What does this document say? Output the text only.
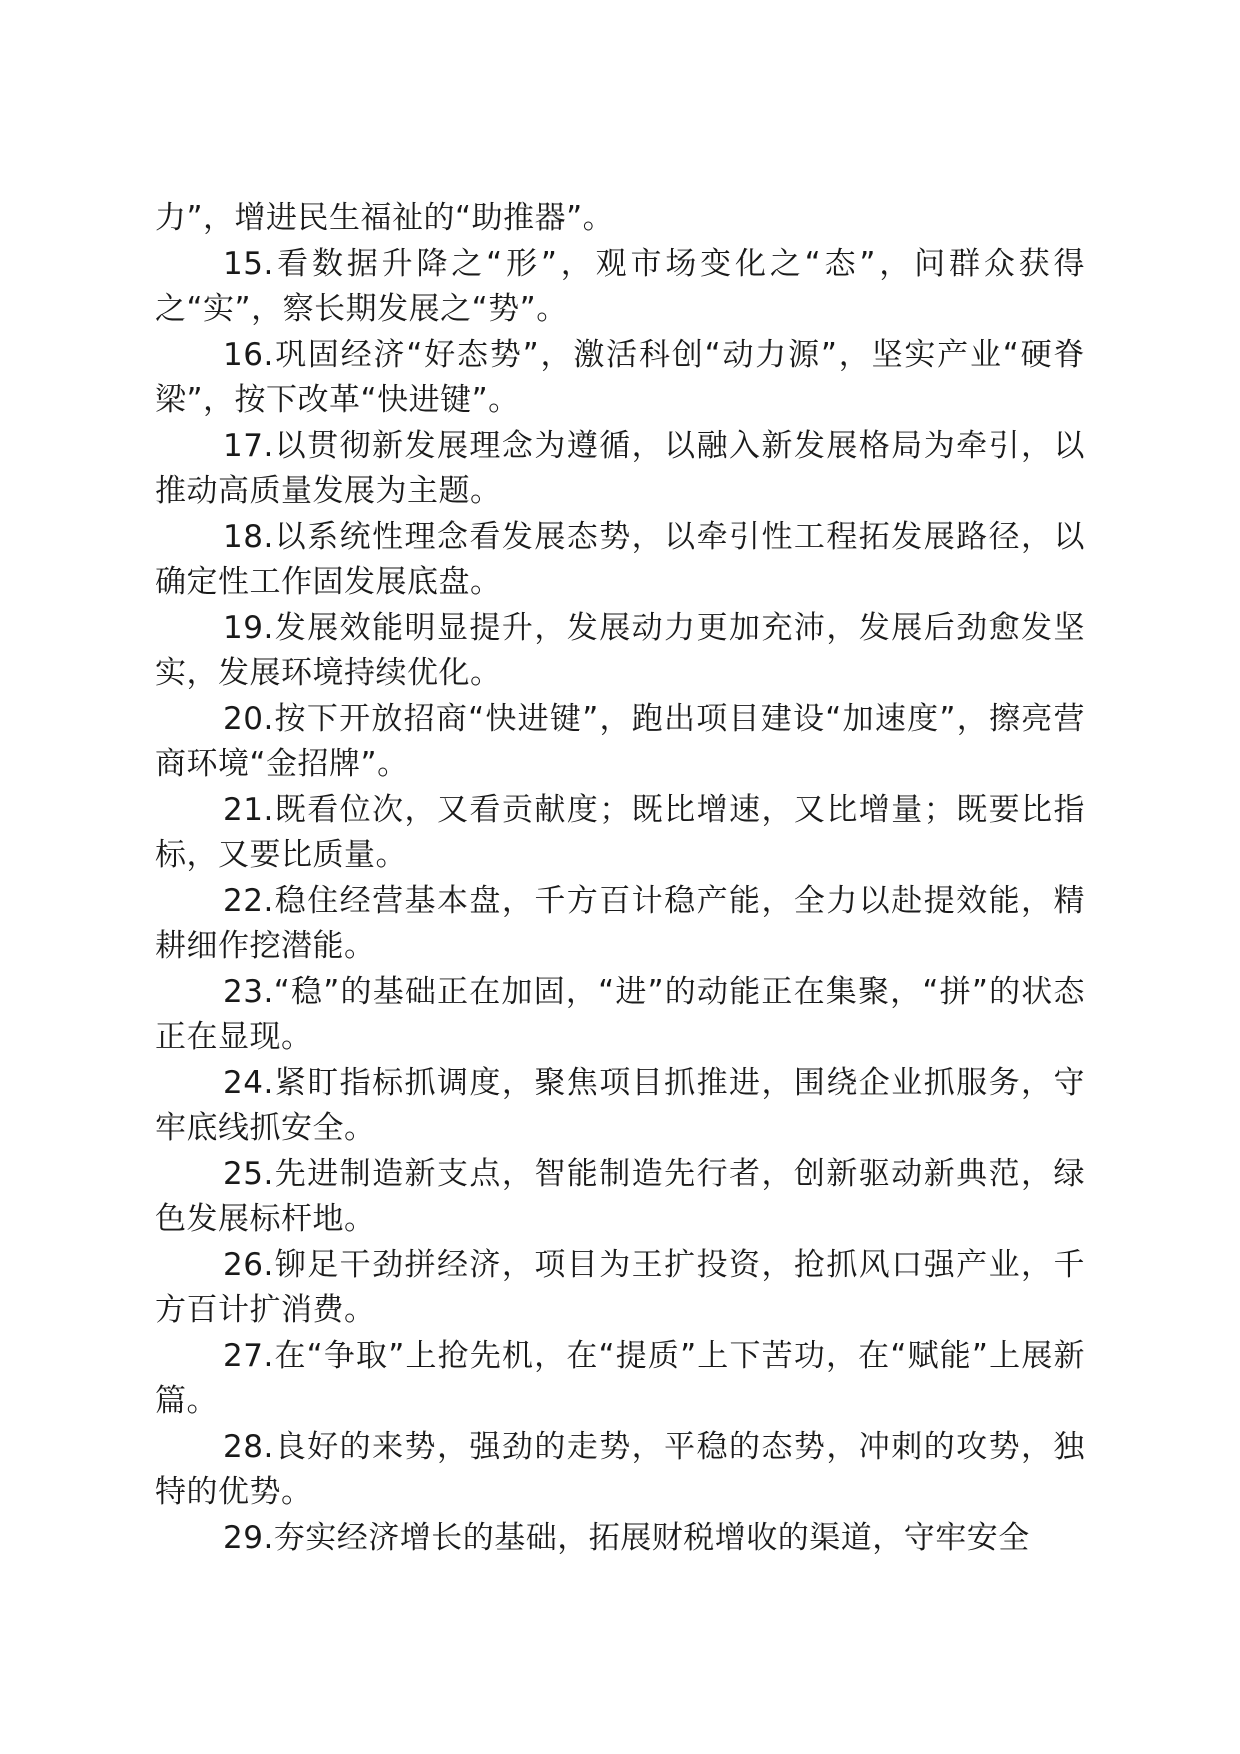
力”，增进民生福祉的“助推器”。

15.看数据升降之“形”，观市场变化之“态”，问群众获得之“实”，察长期发展之“势”。

16.巩固经济“好态势”，激活科创“动力源”，坚实产业“硬脊梁”，按下改革“快进键”。

17.以贯彻新发展理念为遵循，以融入新发展格局为牵引，以推动高质量发展为主题。

18.以系统性理念看发展态势，以牵引性工程拓发展路径，以确定性工作固发展底盘。

19.发展效能明显提升，发展动力更加充沛，发展后劲愈发坚实，发展环境持续优化。

20.按下开放招商“快进键”，跑出项目建设“加速度”，擦亮营商环境“金招牌”。

21.既看位次，又看贡献度；既比增速，又比增量；既要比指标，又要比质量。

22.稳住经营基本盘，千方百计稳产能，全力以赴提效能，精耕细作挖潜能。

23.“稳”的基础正在加固，“进”的动能正在集聚，“拼”的状态正在显现。

24.紧盯指标抓调度，聚焦项目抓推进，围绕企业抓服务，守牢底线抓安全。

25.先进制造新支点，智能制造先行者，创新驱动新典范，绿色发展标杆地。

26.铆足干劲拼经济，项目为王扩投资，抢抓风口强产业，千方百计扩消费。

27.在“争取”上抢先机，在“提质”上下苦功，在“赋能”上展新篇。

28.良好的来势，强劲的走势，平稳的态势，冲刺的攻势，独特的优势。

29.夯实经济增长的基础，拓展财税增收的渠道，守牢安全
